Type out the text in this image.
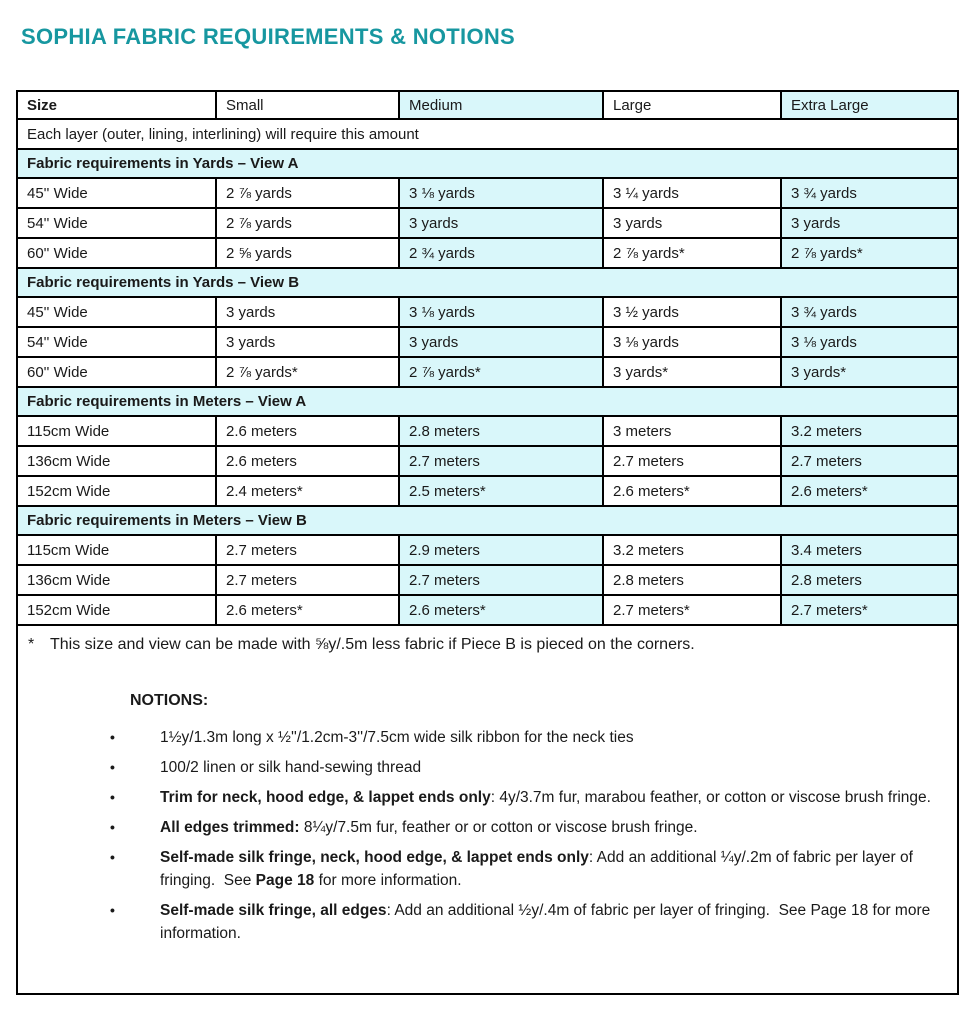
SOPHIA FABRIC REQUIREMENTS & NOTIONS
Size	Small	Medium	Large	Extra Large
Each layer (outer, lining, interlining) will require this amount				
Fabric requirements in Yards – View A				
45'' Wide	2 ⅞ yards	3 ⅛ yards	3 ¼ yards	3 ¾ yards
54'' Wide	2 ⅞ yards	3 yards	3 yards	3 yards
60'' Wide	2 ⅝ yards	2 ¾ yards	2 ⅞ yards*	2 ⅞ yards*
Fabric requirements in Yards – View B				
45'' Wide	3 yards	3 ⅛ yards	3 ½ yards	3 ¾ yards
54'' Wide	3 yards	3 yards	3 ⅛ yards	3 ⅛ yards
60'' Wide	2 ⅞ yards*	2 ⅞ yards*	3 yards*	3 yards*
Fabric requirements in Meters – View A				
115cm Wide	2.6 meters	2.8 meters	3 meters	3.2 meters
136cm Wide	2.6 meters	2.7 meters	2.7 meters	2.7 meters
152cm Wide	2.4 meters*	2.5 meters*	2.6 meters*	2.6 meters*
Fabric requirements in Meters – View B				
115cm Wide	2.7 meters	2.9 meters	3.2 meters	3.4 meters
136cm Wide	2.7 meters	2.7 meters	2.8 meters	2.8 meters
152cm Wide	2.6 meters*	2.6 meters*	2.7 meters*	2.7 meters*

* This size and view can be made with ⅝y/.5m less fabric if Piece B is pieced on the corners.

NOTIONS:

•	1½y/1.3m long x ½''/1.2cm-3''/7.5cm wide silk ribbon for the neck ties
•	100/2 linen or silk hand-sewing thread
•	Trim for neck, hood edge, & lappet ends only: 4y/3.7m fur, marabou feather, or cotton or viscose brush fringe.
•	All edges trimmed: 8¼y/7.5m fur, feather or or cotton or viscose brush fringe.
•	Self-made silk fringe, neck, hood edge, & lappet ends only: Add an additional ¼y/.2m of fabric per layer of fringing.  See Page 18 for more information.
•	Self-made silk fringe, all edges: Add an additional ½y/.4m of fabric per layer of fringing.  See Page 18 for more information.
